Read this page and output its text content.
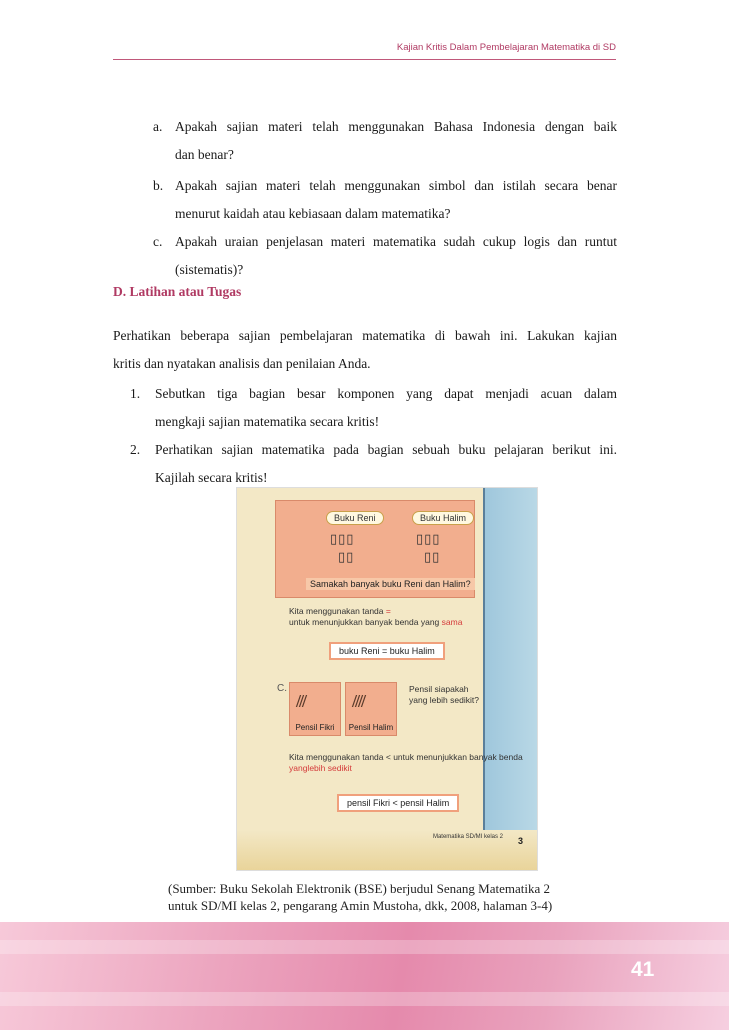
Kajian Kritis Dalam Pembelajaran Matematika di SD
a. Apakah sajian materi telah menggunakan Bahasa Indonesia dengan baik
dan benar?
b. Apakah sajian materi telah menggunakan simbol dan istilah secara benar
menurut kaidah atau kebiasaan dalam matematika?
c. Apakah uraian penjelasan materi matematika sudah cukup logis dan runtut
(sistematis)?
D. Latihan atau Tugas
Perhatikan beberapa sajian pembelajaran matematika di bawah ini. Lakukan kajian
kritis dan nyatakan analisis dan penilaian Anda.
1. Sebutkan tiga bagian besar komponen yang dapat menjadi acuan dalam
mengkaji sajian matematika secara kritis!
2. Perhatikan sajian matematika pada bagian sebuah buku pelajaran berikut ini.
Kajilah secara kritis!
Buku Reni	Buku Halim
▯▯▯
▯▯
▯▯▯
▯▯
Samakah banyak buku Reni dan Halim?
Kita menggunakan tanda =
untuk menunjukkan banyak benda yang sama
buku Reni = buku Halim
C.
///
Pensil Fikri
////
Pensil Halim
Pensil siapakah
yang lebih sedikit?
Kita menggunakan tanda < untuk menunjukkan banyak benda
yanglebih sedikit
pensil Fikri < pensil Halim
Matematika SD/MI kelas 2 3
(Sumber: Buku Sekolah Elektronik (BSE) berjudul Senang Matematika 2
untuk SD/MI kelas 2, pengarang Amin Mustoha, dkk, 2008, halaman 3-4)
41
